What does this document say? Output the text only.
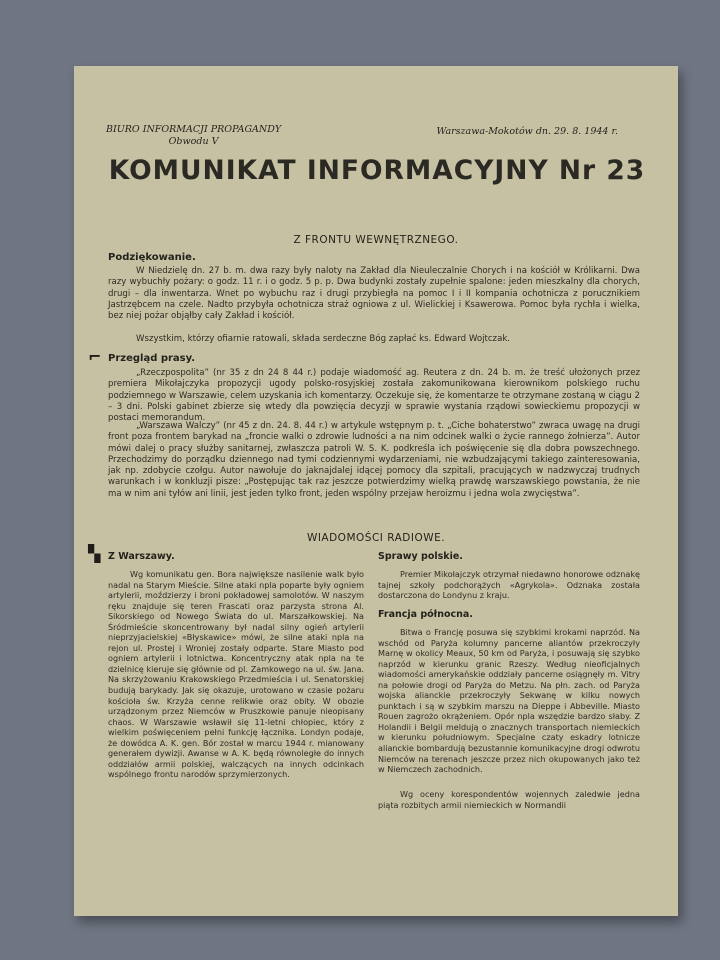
BIURO INFORMACJI PROPAGANDY
Obwodu V
Warszawa-Mokotów dn. 29. 8. 1944 r.
KOMUNIKAT INFORMACYJNY Nr 23
Z FRONTU WEWNĘTRZNEGO.
Podziękowanie.
W Niedzielę dn. 27 b. m. dwa razy były naloty na Zakład dla Nieuleczalnie Chorych i na kościół w Królikarni. Dwa razy wybuchły pożary: o godz. 11 r. i o godz. 5 p. p. Dwa budynki zostały zupełnie spalone: jeden mieszkalny dla chorych, drugi – dla inwentarza. Wnet po wybuchu raz i drugi przybiegła na pomoc I i II kompania ochotnicza z porucznikiem Jastrzębcem na czele. Nadto przybyła ochotnicza straż ogniowa z ul. Wielickiej i Ksawerowa. Pomoc była rychła i wielka, bez niej pożar objąłby cały Zakład i kościół.
Wszystkim, którzy ofiarnie ratowali, składa serdeczne Bóg zapłać ks. Edward Wojtczak.
⌐ Przegląd prasy.
„Rzeczpospolita” (nr 35 z dn 24 8 44 r.) podaje wiadomość ag. Reutera z dn. 24 b. m. że treść ułożonych przez premiera Mikołajczyka propozycji ugody polsko-rosyjskiej została zakomunikowana kierownikom polskiego ruchu podziemnego w Warszawie, celem uzyskania ich komentarzy. Oczekuje się, że komentarze te otrzymane zostaną w ciągu 2 – 3 dni. Polski gabinet zbierze się wtedy dla powzięcia decyzji w sprawie wystania rządowi sowieckiemu propozycji w postaci memorandum.
„Warszawa Walczy” (nr 45 z dn. 24. 8. 44 r.) w artykule wstępnym p. t. „Ciche bohaterstwo” zwraca uwagę na drugi front poza frontem barykad na „froncie walki o zdrowie ludności a na nim odcinek walki o życie rannego żołnierza”. Autor mówi dalej o pracy służby sanitarnej, zwłaszcza patroli W. S. K. podkreśla ich poświęcenie się dla dobra powszechnego. Przechodzimy do porządku dziennego nad tymi codziennymi wydarzeniami, nie wzbudzającymi takiego zainteresowania, jak np. zdobycie czołgu. Autor nawołuje do jaknajdalej idącej pomocy dla szpitali, pracujących w nadzwyczaj trudnych warunkach i w konkluzji pisze: „Postępując tak raz jeszcze potwierdzimy wielką prawdę warszawskiego powstania, że nie ma w nim ani tyłów ani linii, jest jeden tylko front, jeden wspólny przejaw heroizmu i jedna wola zwycięstwa”.
WIADOMOŚCI RADIOWE.
▚ Z Warszawy.
Wg komunikatu gen. Bora największe nasilenie walk było nadal na Starym Mieście. Silne ataki npla poparte były ogniem artylerii, moździerzy i broni pokładowej samolotów. W naszym ręku znajduje się teren Frascati oraz parzysta strona Al. Sikorskiego od Nowego Świata do ul. Marszałkowskiej. Na Śródmieście skoncentrowany był nadal silny ogień artylerii nieprzyjacielskiej «Błyskawice» mówi, że silne ataki npla na rejon ul. Prostej i Wroniej zostały odparte. Stare Miasto pod ogniem artylerii i lotnictwa. Koncentryczny atak npla na te dzielnicę kieruje się głównie od pl. Zamkowego na ul. św. Jana. Na skrzyżowaniu Krakowskiego Przedmieścia i ul. Senatorskiej budują barykady. Jak się okazuje, urotowano w czasie pożaru kościoła św. Krzyża cenne relikwie oraz obity. W obozie urządzonym przez Niemców w Pruszkowie panuje nieopisany chaos. W Warszawie wsławił się 11-letni chłopiec, który z wielkim poświęceniem pełni funkcję łącznika. Londyn podaje, że dowódca A. K. gen. Bór został w marcu 1944 r. mianowany generałem dywizji. Awanse w A. K. będą równoległe do innych oddziałów armii polskiej, walczących na innych odcinkach wspólnego frontu narodów sprzymierzonych.
Sprawy polskie.
Premier Mikołajczyk otrzymał niedawno honorowe odznakę tajnej szkoły podchorążych «Agrykola». Odznaka została dostarczona do Londynu z kraju.
Francja północna.
Bitwa o Francję posuwa się szybkimi krokami naprzód. Na wschód od Paryża kolumny pancerne aliantów przekroczyły Marnę w okolicy Meaux, 50 km od Paryża, i posuwają się szybko naprzód w kierunku granic Rzeszy. Według nieoficjalnych wiadomości amerykańskie oddziały pancerne osiągnęły m. Vitry na połowie drogi od Paryża do Metzu. Na płn. zach. od Paryża wojska alianckie przekroczyły Sekwanę w kilku nowych punktach i są w szybkim marszu na Dieppe i Abbeville. Miasto Rouen zagrożo okrążeniem. Opór npla wszędzie bardzo słaby. Z Holandii i Belgii meldują o znacznych transportach niemieckich w kierunku południowym. Specjalne czaty eskadry lotnicze alianckie bombardują bezustannie komunikacyjne drogi odwrotu Niemców na terenach jeszcze przez nich okupowanych jako też w Niemczech zachodnich.
Wg oceny korespondentów wojennych zaledwie jedna piąta rozbitych armii niemieckich w Normandii
